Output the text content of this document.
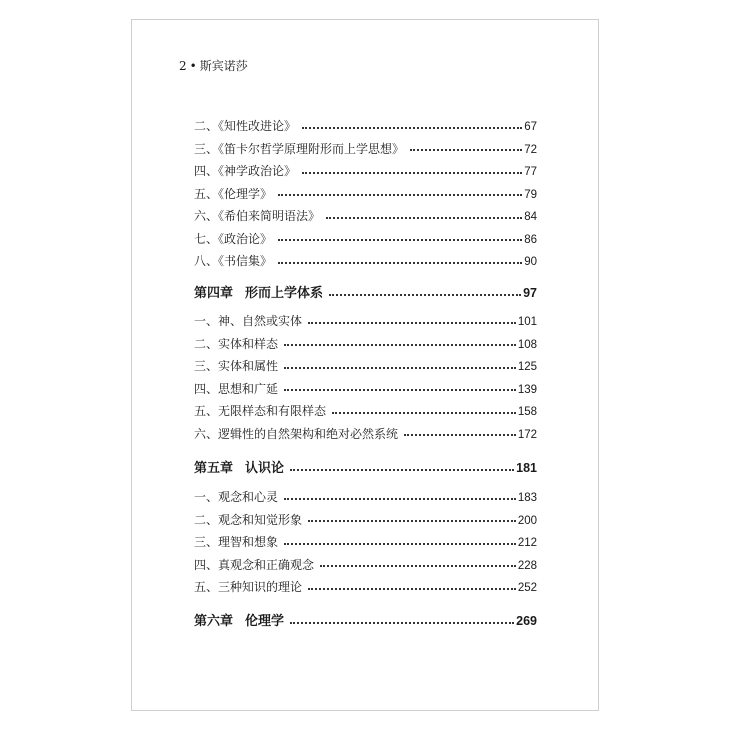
2 • 斯宾诺莎
二、《知性改进论》	67
三、《笛卡尔哲学原理附形而上学思想》	72
四、《神学政治论》	77
五、《伦理学》	79
六、《希伯来简明语法》	84
七、《政治论》	86
八、《书信集》	90
第四章 形而上学体系	97
一、神、自然或实体	101
二、实体和样态	108
三、实体和属性	125
四、思想和广延	139
五、无限样态和有限样态	158
六、逻辑性的自然架构和绝对必然系统	172
第五章 认识论	181
一、观念和心灵	183
二、观念和知觉形象	200
三、理智和想象	212
四、真观念和正确观念	228
五、三种知识的理论	252
第六章 伦理学	269
